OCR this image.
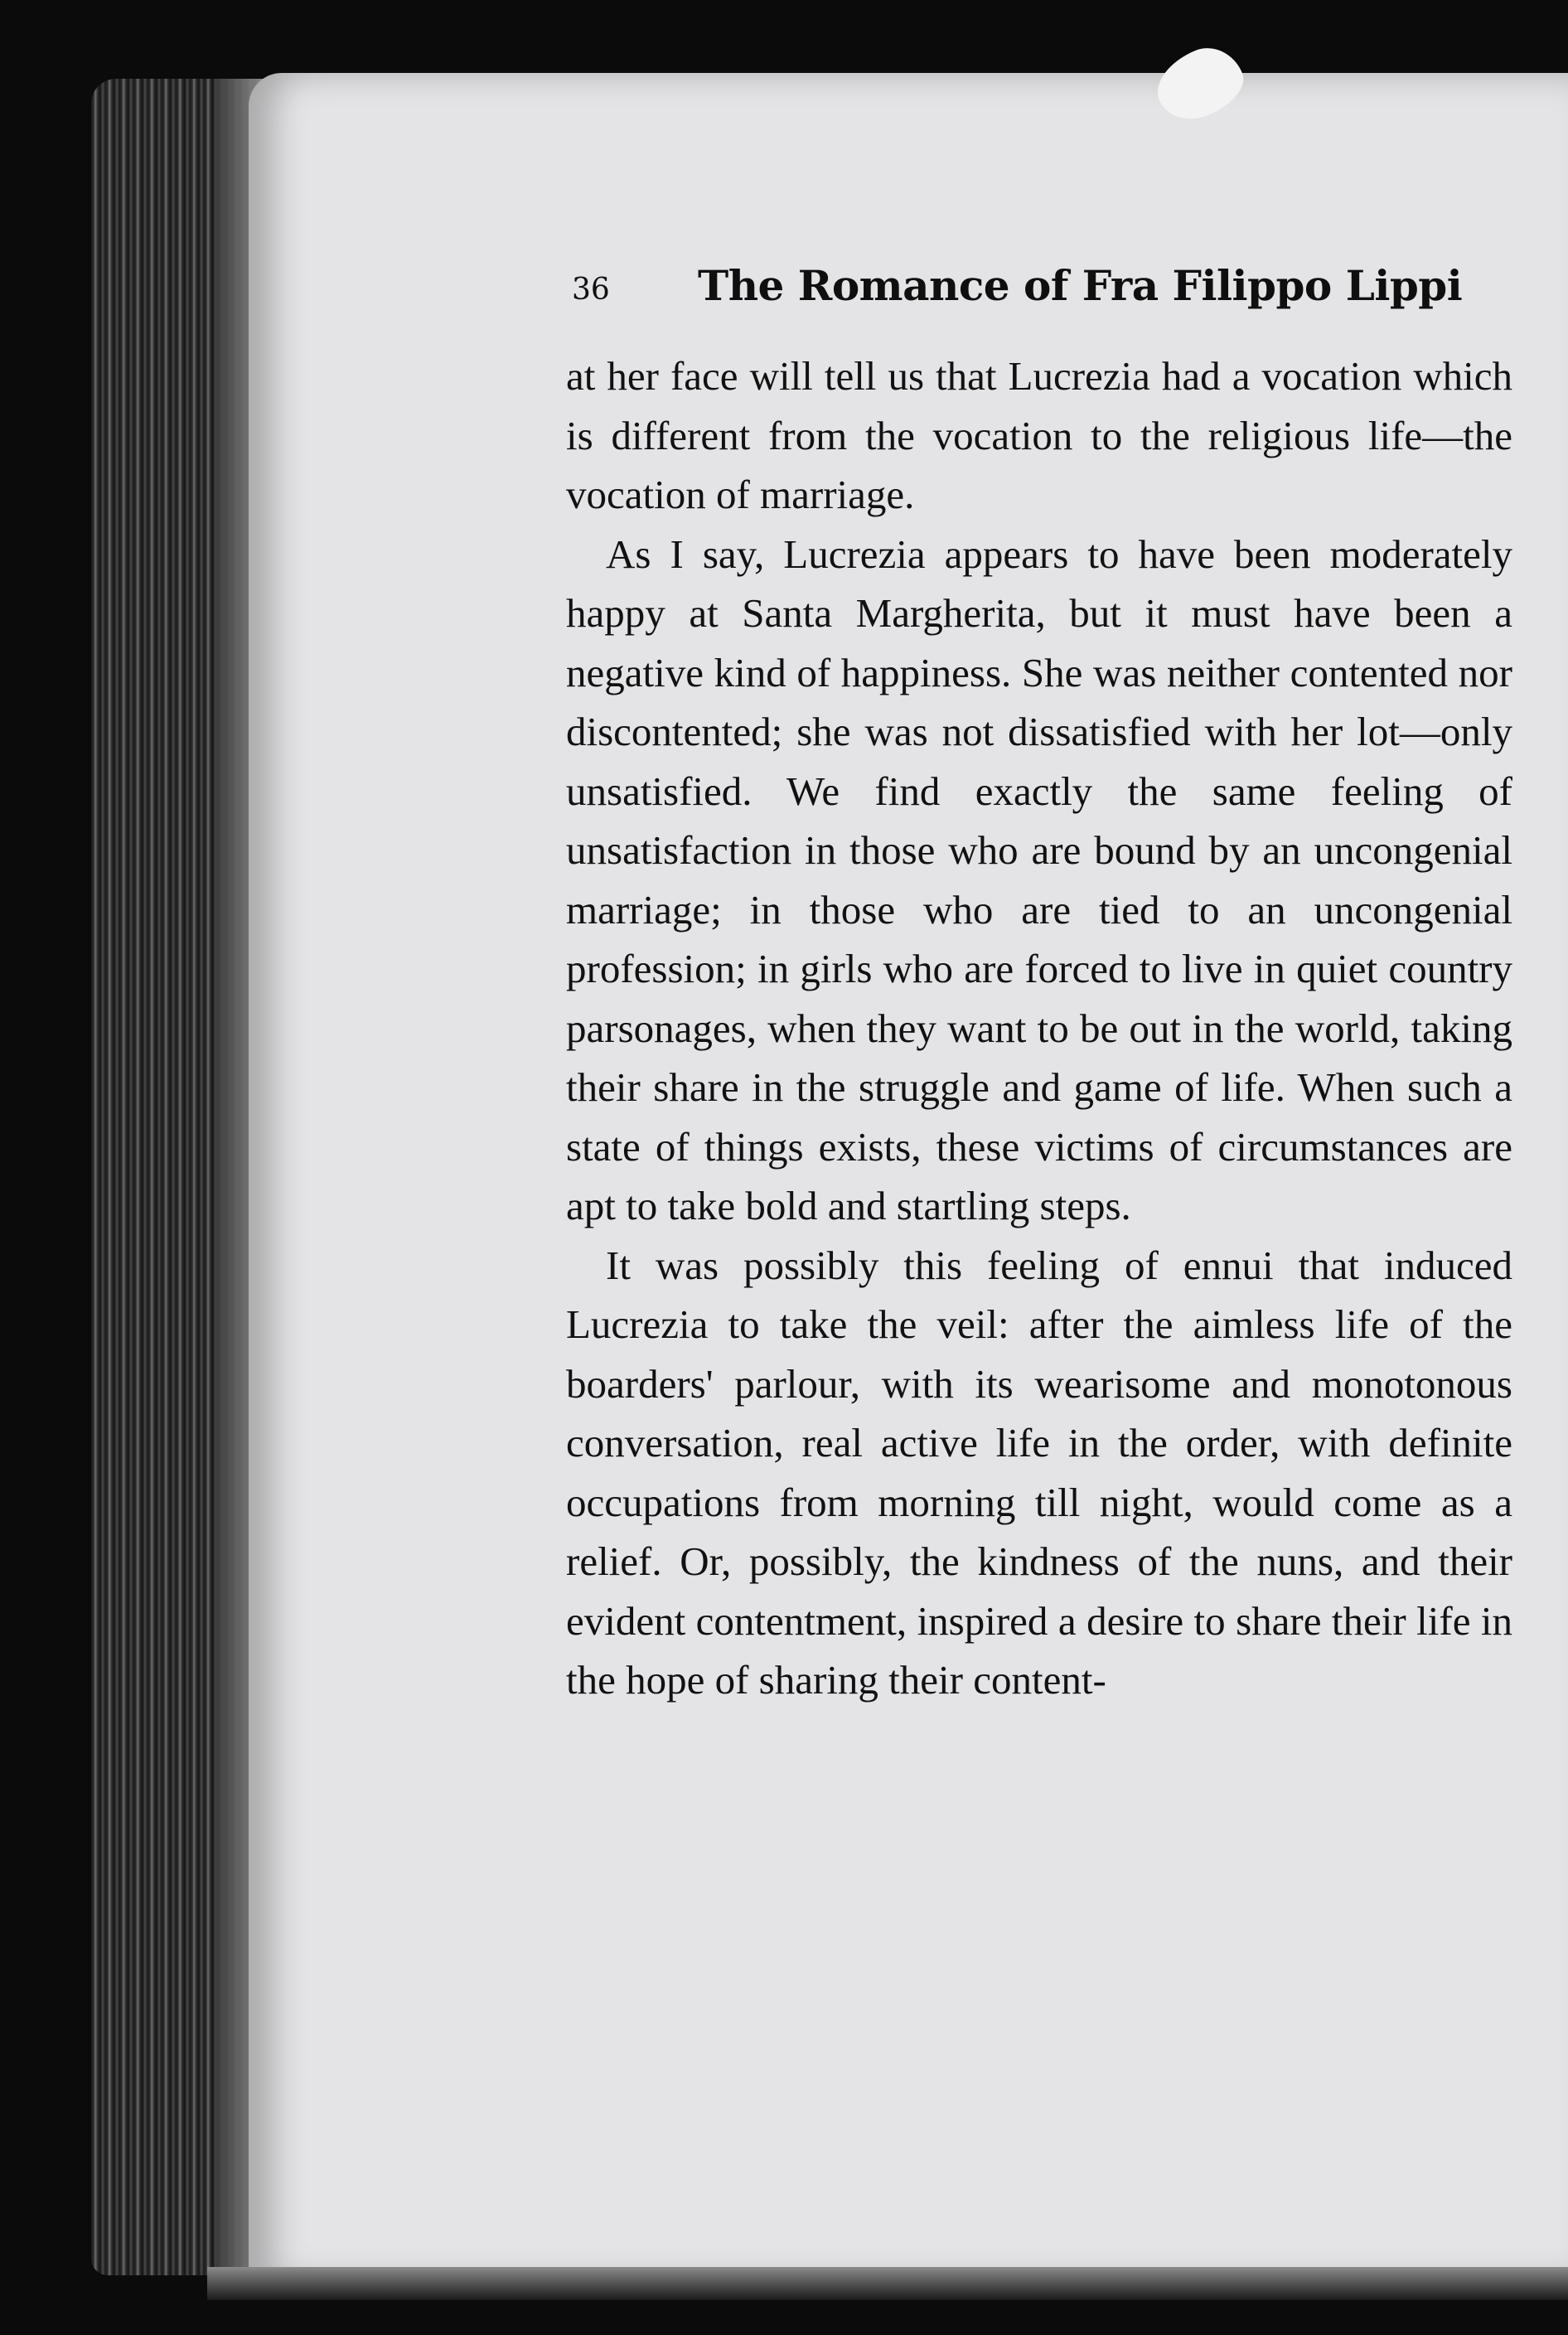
36 The Romance of Fra Filippo Lippi

at her face will tell us that Lucrezia had a vocation which is different from the vocation to the religious life—the vocation of marriage.

As I say, Lucrezia appears to have been moderately happy at Santa Margherita, but it must have been a negative kind of happiness. She was neither contented nor discontented; she was not dissatisfied with her lot—only unsatisfied. We find exactly the same feeling of unsatisfaction in those who are bound by an uncongenial marriage; in those who are tied to an uncongenial profession; in girls who are forced to live in quiet country parsonages, when they want to be out in the world, taking their share in the struggle and game of life. When such a state of things exists, these victims of circumstances are apt to take bold and startling steps.

It was possibly this feeling of ennui that induced Lucrezia to take the veil: after the aimless life of the boarders' parlour, with its wearisome and monotonous conversation, real active life in the order, with definite occupations from morning till night, would come as a relief. Or, possibly, the kindness of the nuns, and their evident contentment, inspired a desire to share their life in the hope of sharing their content-
